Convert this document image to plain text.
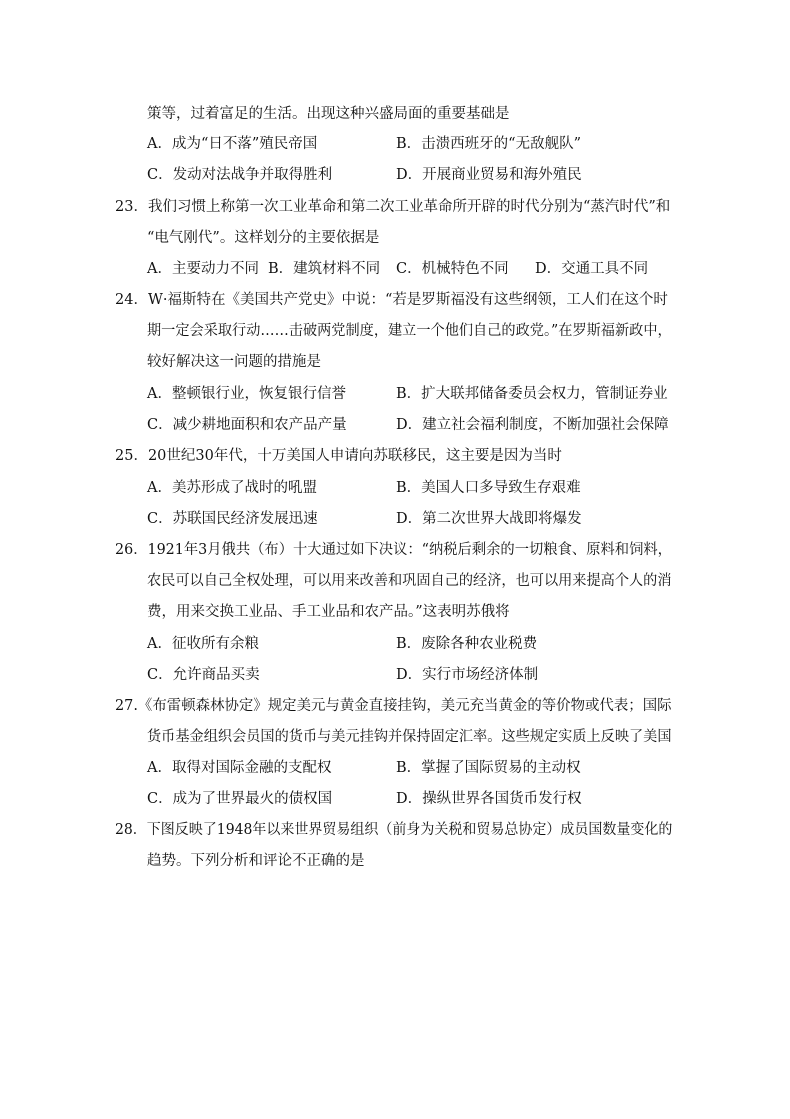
策等，过着富足的生活。出现这种兴盛局面的重要基础是
A．成为“日不落”殖民帝国	B．击溃西班牙的“无敌舰队”
C．发动对法战争并取得胜利	D．开展商业贸易和海外殖民
23．我们习惯上称第一次工业革命和第二次工业革命所开辟的时代分别为“蒸汽时代”和
“电气刚代”。这样划分的主要依据是
A．主要动力不同 B．建筑材料不同 C．机械特色不同 D．交通工具不同
24．W·福斯特在《美国共产党史》中说：“若是罗斯福没有这些纲领，工人们在这个时
期一定会采取行动……击破两党制度，建立一个他们自己的政党。”在罗斯福新政中，
较好解决这一问题的措施是
A．整顿银行业，恢复银行信誉	B．扩大联邦储备委员会权力，管制证券业
C．减少耕地面积和农产品产量	D．建立社会福利制度，不断加强社会保障
25．20世纪30年代，十万美国人申请向苏联移民，这主要是因为当时
A．美苏形成了战时的吼盟	B．美国人口多导致生存艰难
C．苏联国民经济发展迅速	D．第二次世界大战即将爆发
26．1921年3月俄共（布）十大通过如下决议：“纳税后剩余的一切粮食、原料和饲料，
农民可以自己全权处理，可以用来改善和巩固自己的经济，也可以用来提高个人的消
费，用来交换工业品、手工业品和农产品。”这表明苏俄将
A．征收所有余粮	B．废除各种农业税费
C．允许商品买卖	D．实行市场经济体制
27.《布雷顿森林协定》规定美元与黄金直接挂钩，美元充当黄金的等价物或代表；国际
货币基金组织会员国的货币与美元挂钩并保持固定汇率。这些规定实质上反映了美国
A．取得对国际金融的支配权	B．掌握了国际贸易的主动权
C．成为了世界最火的债权国	D．操纵世界各国货币发行权
28．下图反映了1948年以来世界贸易组织（前身为关税和贸易总协定）成员国数量变化的
趋势。下列分析和评论不正确的是
